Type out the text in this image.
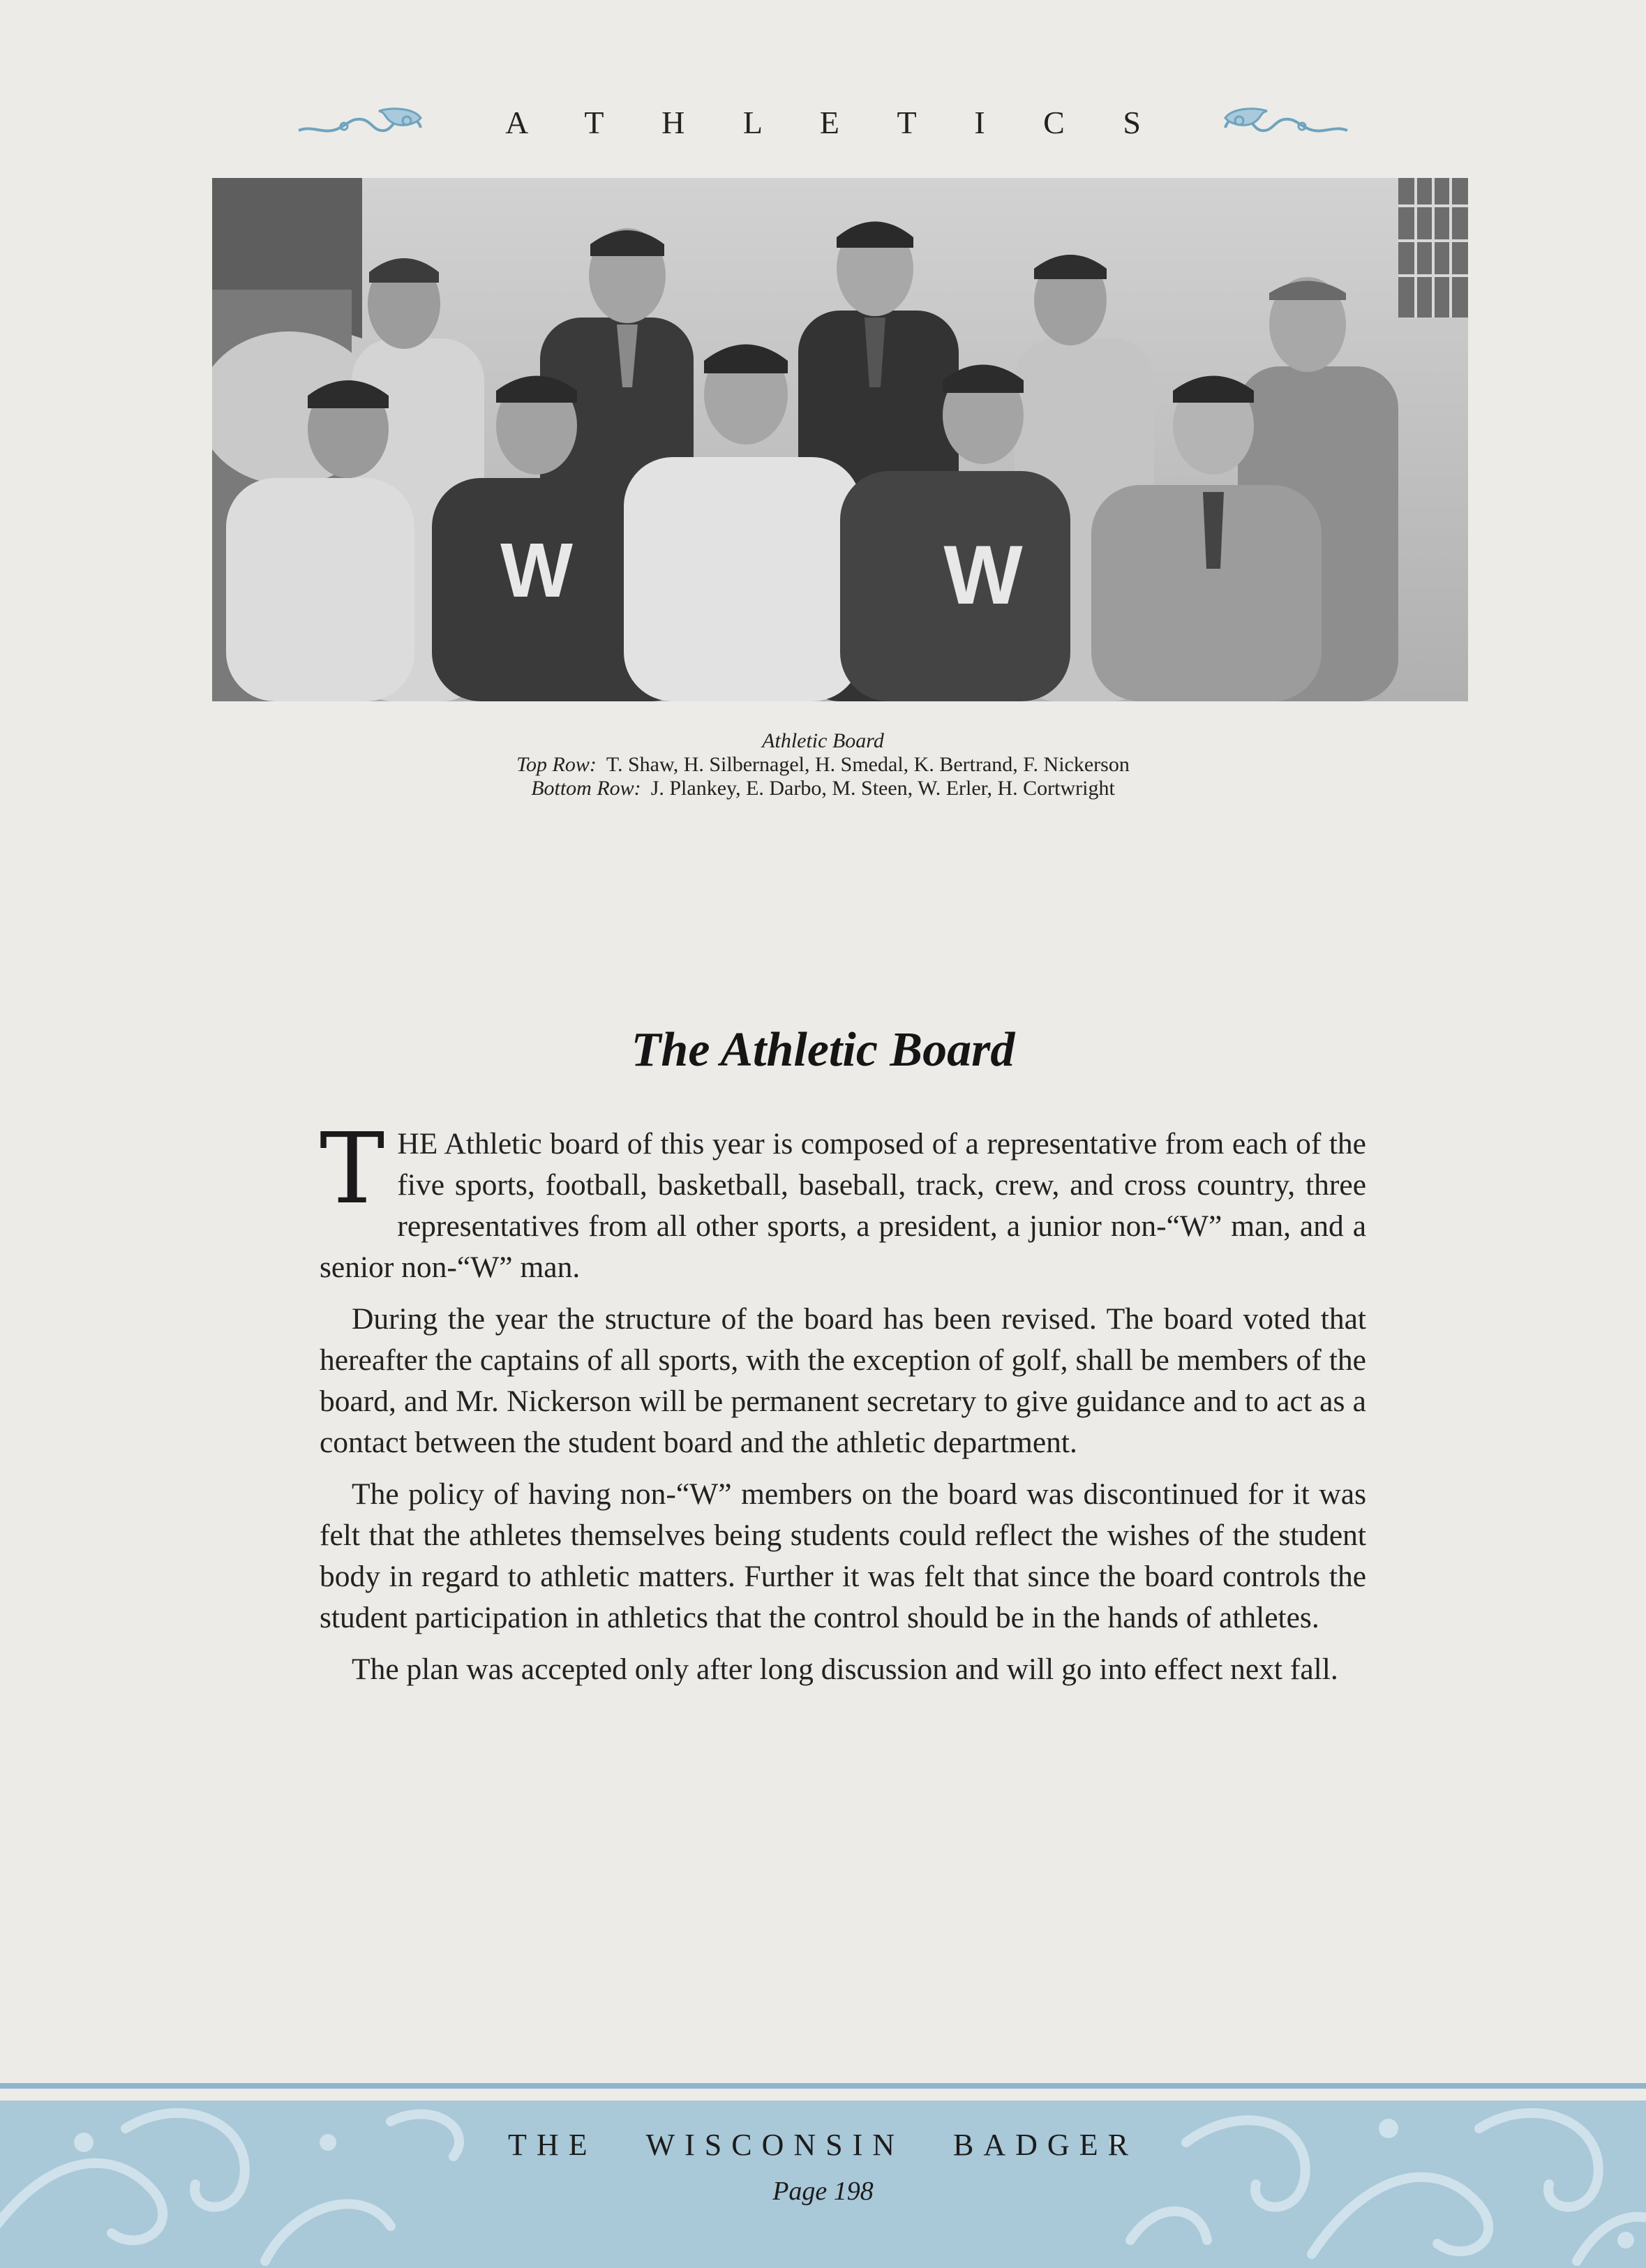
A T H L E T I C S
W	W
Athletic Board
Top Row: T. Shaw, H. Silbernagel, H. Smedal, K. Bertrand, F. Nickerson
Bottom Row: J. Plankey, E. Darbo, M. Steen, W. Erler, H. Cortwright
The Athletic Board

THE Athletic board of this year is composed of a representative from each of the five sports, football, basketball, baseball, track, crew, and cross country, three representatives from all other sports, a president, a junior non-“W” man, and a senior non-“W” man.

During the year the structure of the board has been revised. The board voted that hereafter the captains of all sports, with the exception of golf, shall be members of the board, and Mr. Nickerson will be permanent secretary to give guidance and to act as a contact between the student board and the athletic department.

The policy of having non-“W” members on the board was discontinued for it was felt that the athletes themselves being students could reflect the wishes of the student body in regard to athletic matters. Further it was felt that since the board controls the student participation in athletics that the control should be in the hands of athletes.

The plan was accepted only after long discussion and will go into effect next fall.

THE WISCONSIN BADGER
Page 198
